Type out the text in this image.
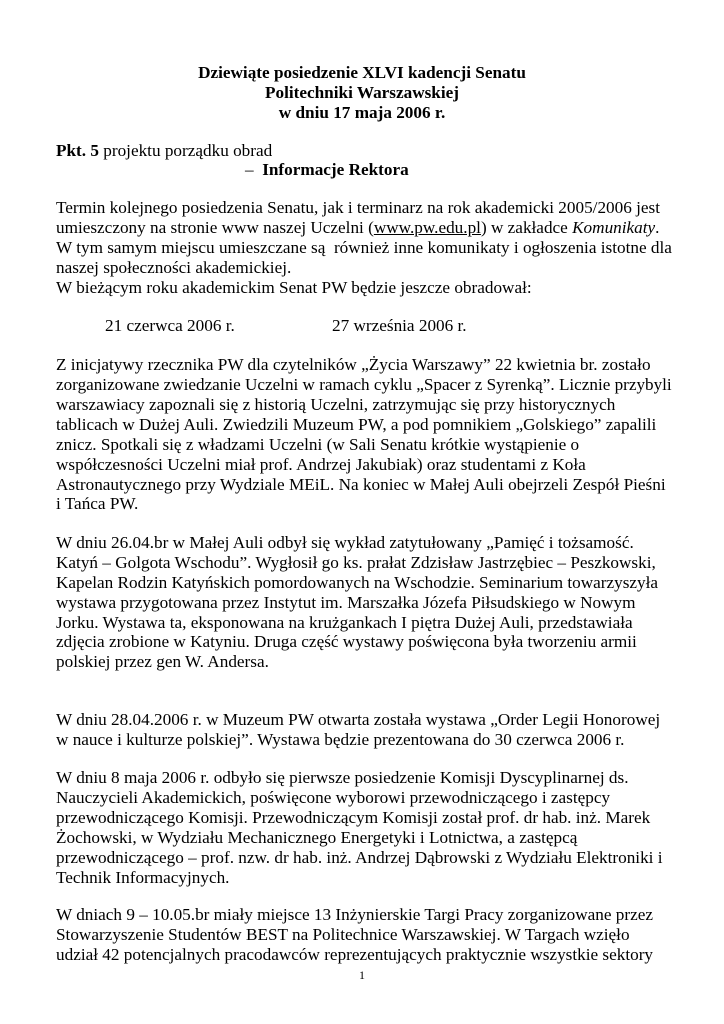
Dziewiąte posiedzenie XLVI kadencji Senatu
Politechniki Warszawskiej
w dniu 17 maja 2006 r.
Pkt. 5 projektu porządku obrad
–  Informacje Rektora
Termin kolejnego posiedzenia Senatu, jak i terminarz na rok akademicki 2005/2006 jest
umieszczony na stronie www naszej Uczelni (www.pw.edu.pl) w zakładce Komunikaty.
W tym samym miejscu umieszczane są  również inne komunikaty i ogłoszenia istotne dla
naszej społeczności akademickiej.
W bieżącym roku akademickim Senat PW będzie jeszcze obradował:
21 czerwca 2006 r.	27 września 2006 r.
Z inicjatywy rzecznika PW dla czytelników „Życia Warszawy” 22 kwietnia br. zostało
zorganizowane zwiedzanie Uczelni w ramach cyklu „Spacer z Syrenką”. Licznie przybyli
warszawiacy zapoznali się z historią Uczelni, zatrzymując się przy historycznych
tablicach w Dużej Auli. Zwiedzili Muzeum PW, a pod pomnikiem „Golskiego” zapalili
znicz. Spotkali się z władzami Uczelni (w Sali Senatu krótkie wystąpienie o
współczesności Uczelni miał prof. Andrzej Jakubiak) oraz studentami z Koła
Astronautycznego przy Wydziale MEiL. Na koniec w Małej Auli obejrzeli Zespół Pieśni
i Tańca PW.
W dniu 26.04.br w Małej Auli odbył się wykład zatytułowany „Pamięć i tożsamość.
Katyń – Golgota Wschodu”. Wygłosił go ks. prałat Zdzisław Jastrzębiec – Peszkowski,
Kapelan Rodzin Katyńskich pomordowanych na Wschodzie. Seminarium towarzyszyła
wystawa przygotowana przez Instytut im. Marszałka Józefa Piłsudskiego w Nowym
Jorku. Wystawa ta, eksponowana na krużgankach I piętra Dużej Auli, przedstawiała
zdjęcia zrobione w Katyniu. Druga część wystawy poświęcona była tworzeniu armii
polskiej przez gen W. Andersa.
W dniu 28.04.2006 r. w Muzeum PW otwarta została wystawa „Order Legii Honorowej
w nauce i kulturze polskiej”. Wystawa będzie prezentowana do 30 czerwca 2006 r.
W dniu 8 maja 2006 r. odbyło się pierwsze posiedzenie Komisji Dyscyplinarnej ds.
Nauczycieli Akademickich, poświęcone wyborowi przewodniczącego i zastępcy
przewodniczącego Komisji. Przewodniczącym Komisji został prof. dr hab. inż. Marek
Żochowski, w Wydziału Mechanicznego Energetyki i Lotnictwa, a zastępcą
przewodniczącego – prof. nzw. dr hab. inż. Andrzej Dąbrowski z Wydziału Elektroniki i
Technik Informacyjnych.
W dniach 9 – 10.05.br miały miejsce 13 Inżynierskie Targi Pracy zorganizowane przez
Stowarzyszenie Studentów BEST na Politechnice Warszawskiej. W Targach wzięło
udział 42 potencjalnych pracodawców reprezentujących praktycznie wszystkie sektory
1
